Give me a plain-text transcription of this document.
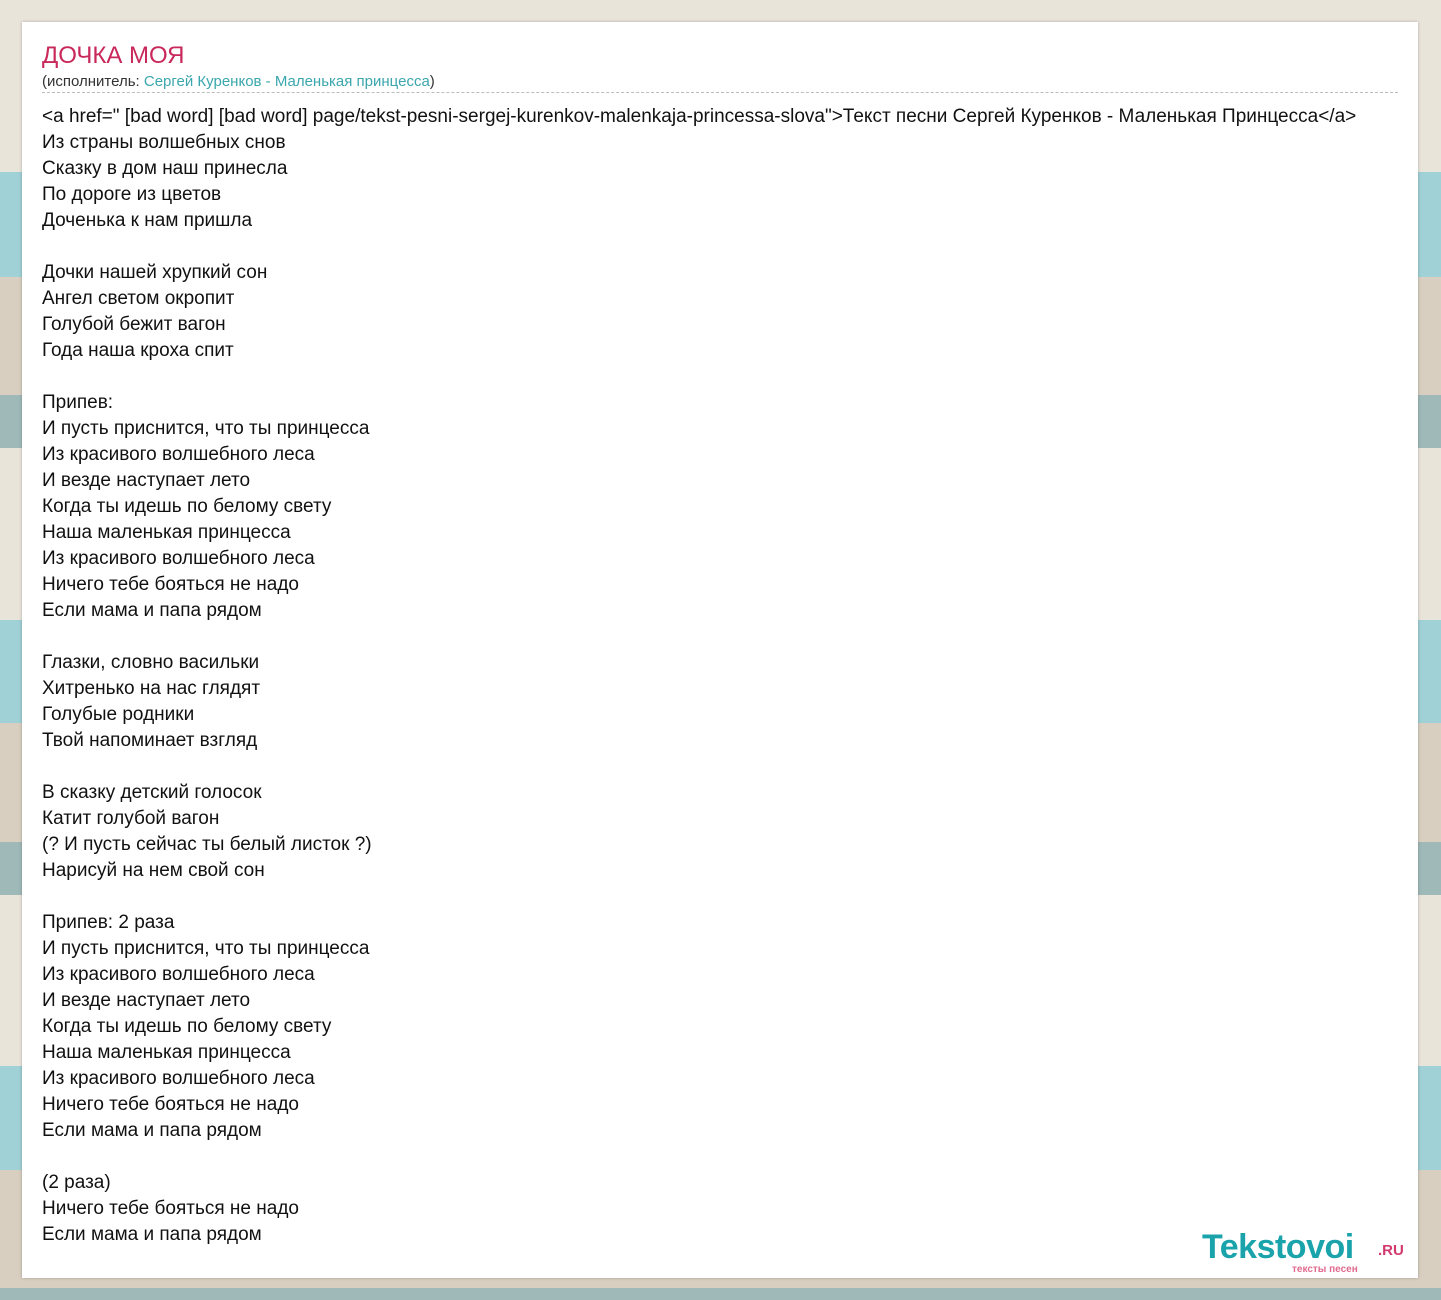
ДОЧКА МОЯ
(исполнитель: Сергей Куренков - Маленькая принцесса)
<a href=" [bad word] [bad word] page/tekst-pesni-sergej-kurenkov-malenkaja-princessa-slova">Текст песни Сергей Куренков - Маленькая Принцесса</a>
Из страны волшебных снов
Сказку в дом наш принесла
По дороге из цветов
Доченька к нам пришла
Дочки нашей хрупкий сон
Ангел светом окропит
Голубой бежит вагон
Года наша кроха спит
Припев:
И пусть приснится, что ты принцесса
Из красивого волшебного леса
И везде наступает лето
Когда ты идешь по белому свету
Наша маленькая принцесса
Из красивого волшебного леса
Ничего тебе бояться не надо
Если мама и папа рядом
Глазки, словно васильки
Хитренько на нас глядят
Голубые родники
Твой напоминает взгляд
В сказку детский голосок
Катит голубой вагон
(? И пусть сейчас ты белый листок ?)
Нарисуй на нем свой сон
Припев: 2 раза
И пусть приснится, что ты принцесса
Из красивого волшебного леса
И везде наступает лето
Когда ты идешь по белому свету
Наша маленькая принцесса
Из красивого волшебного леса
Ничего тебе бояться не надо
Если мама и папа рядом
(2 раза)
Ничего тебе бояться не надо
Если мама и папа рядом	Tekstovoi .RU
тексты песен
